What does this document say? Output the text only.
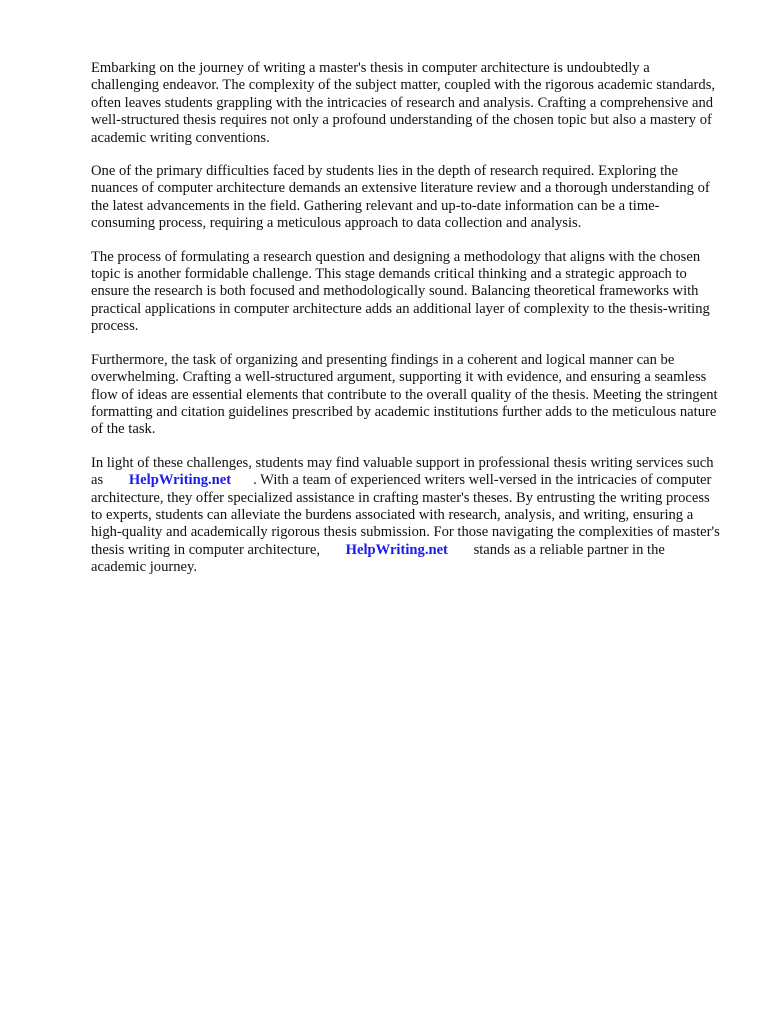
Embarking on the journey of writing a master's thesis in computer architecture is undoubtedly a challenging endeavor. The complexity of the subject matter, coupled with the rigorous academic standards, often leaves students grappling with the intricacies of research and analysis. Crafting a comprehensive and well-structured thesis requires not only a profound understanding of the chosen topic but also a mastery of academic writing conventions.

One of the primary difficulties faced by students lies in the depth of research required. Exploring the nuances of computer architecture demands an extensive literature review and a thorough understanding of the latest advancements in the field. Gathering relevant and up-to-date information can be a time-consuming process, requiring a meticulous approach to data collection and analysis.

The process of formulating a research question and designing a methodology that aligns with the chosen topic is another formidable challenge. This stage demands critical thinking and a strategic approach to ensure the research is both focused and methodologically sound. Balancing theoretical frameworks with practical applications in computer architecture adds an additional layer of complexity to the thesis-writing process.

Furthermore, the task of organizing and presenting findings in a coherent and logical manner can be overwhelming. Crafting a well-structured argument, supporting it with evidence, and ensuring a seamless flow of ideas are essential elements that contribute to the overall quality of the thesis. Meeting the stringent formatting and citation guidelines prescribed by academic institutions further adds to the meticulous nature of the task.

In light of these challenges, students may find valuable support in professional thesis writing services such as HelpWriting.net . With a team of experienced writers well-versed in the intricacies of computer architecture, they offer specialized assistance in crafting master's theses. By entrusting the writing process to experts, students can alleviate the burdens associated with research, analysis, and writing, ensuring a high-quality and academically rigorous thesis submission. For those navigating the complexities of master's thesis writing in computer architecture, HelpWriting.net stands as a reliable partner in the academic journey.
